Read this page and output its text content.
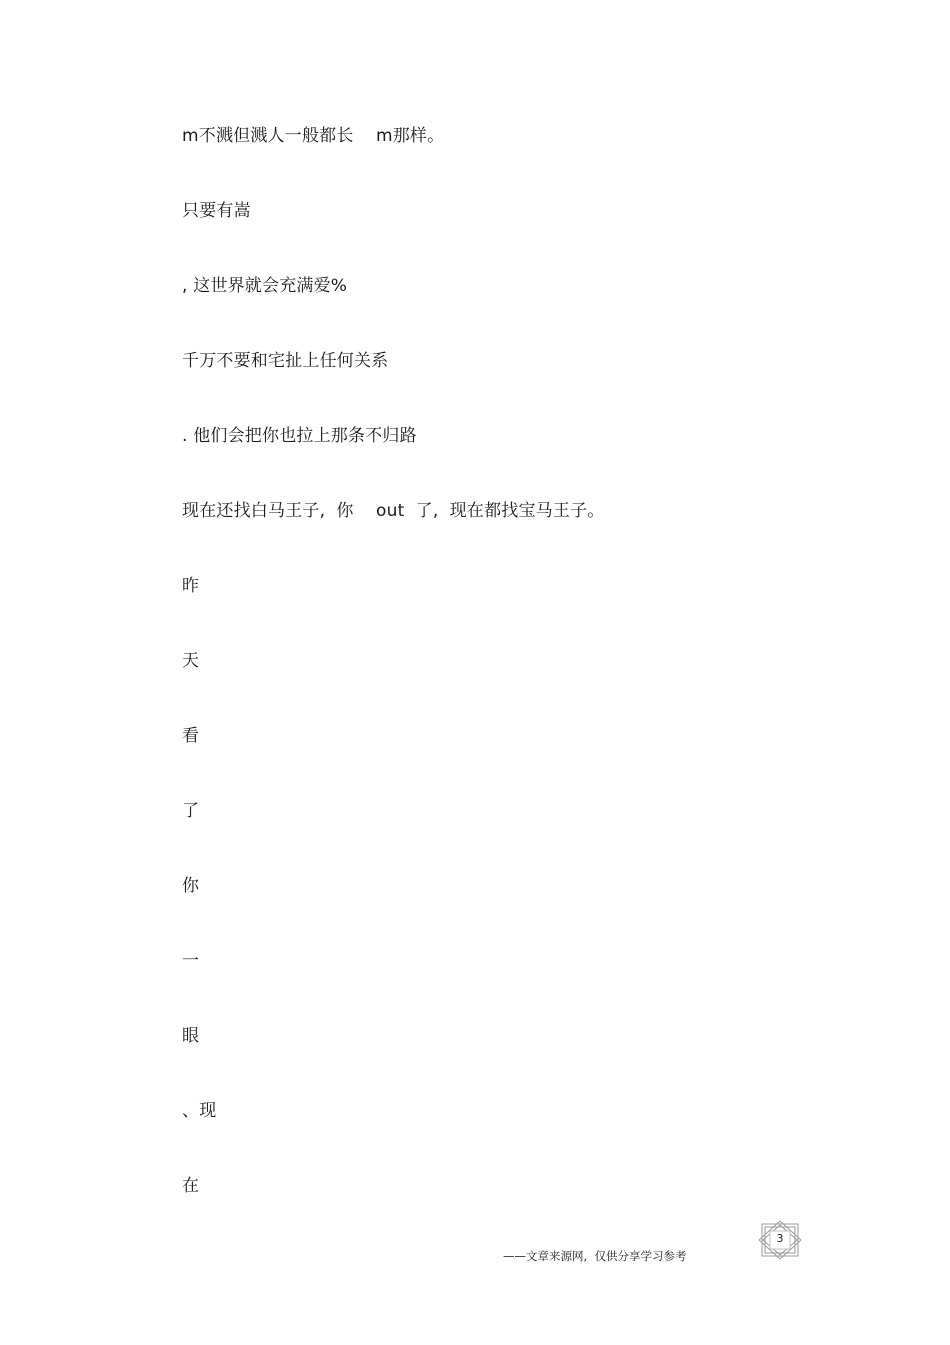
m不溅但溅人一般都长    m那样。
只要有嵩
, 这世界就会充满爱%
千万不要和宅扯上任何关系
. 他们会把你也拉上那条不归路
现在还找白马王子,  你    out  了,  现在都找宝马王子。
昨
天
看
了
你
一
眼
、现
在
——文章来源网,  仅供分享学习参考
3
